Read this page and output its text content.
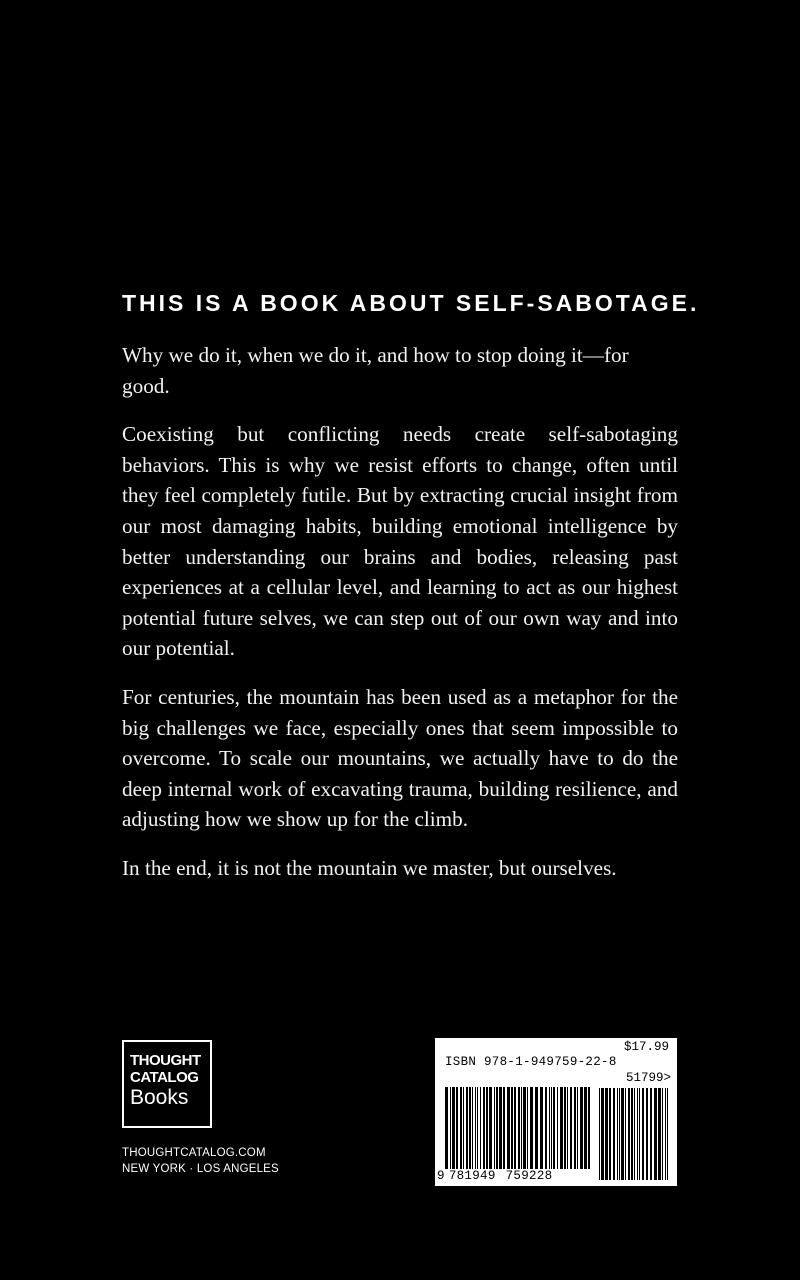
THIS IS A BOOK ABOUT SELF-SABOTAGE.

Why we do it, when we do it, and how to stop doing it—for good.

Coexisting but conflicting needs create self-sabotaging behaviors. This is why we resist efforts to change, often until they feel completely futile. But by extracting crucial insight from our most damaging habits, building emotional intelligence by better understanding our brains and bodies, releasing past experiences at a cellular level, and learning to act as our highest potential future selves, we can step out of our own way and into our potential.

For centuries, the mountain has been used as a metaphor for the big challenges we face, especially ones that seem impossible to overcome. To scale our mountains, we actually have to do the deep internal work of excavating trauma, building resilience, and adjusting how we show up for the climb.

In the end, it is not the mountain we master, but ourselves.

THOUGHT
CATALOG
Books
THOUGHTCATALOG.COM
NEW YORK · LOS ANGELES
$17.99
ISBN 978-1-949759-22-8
51799>
9 781949 759228
